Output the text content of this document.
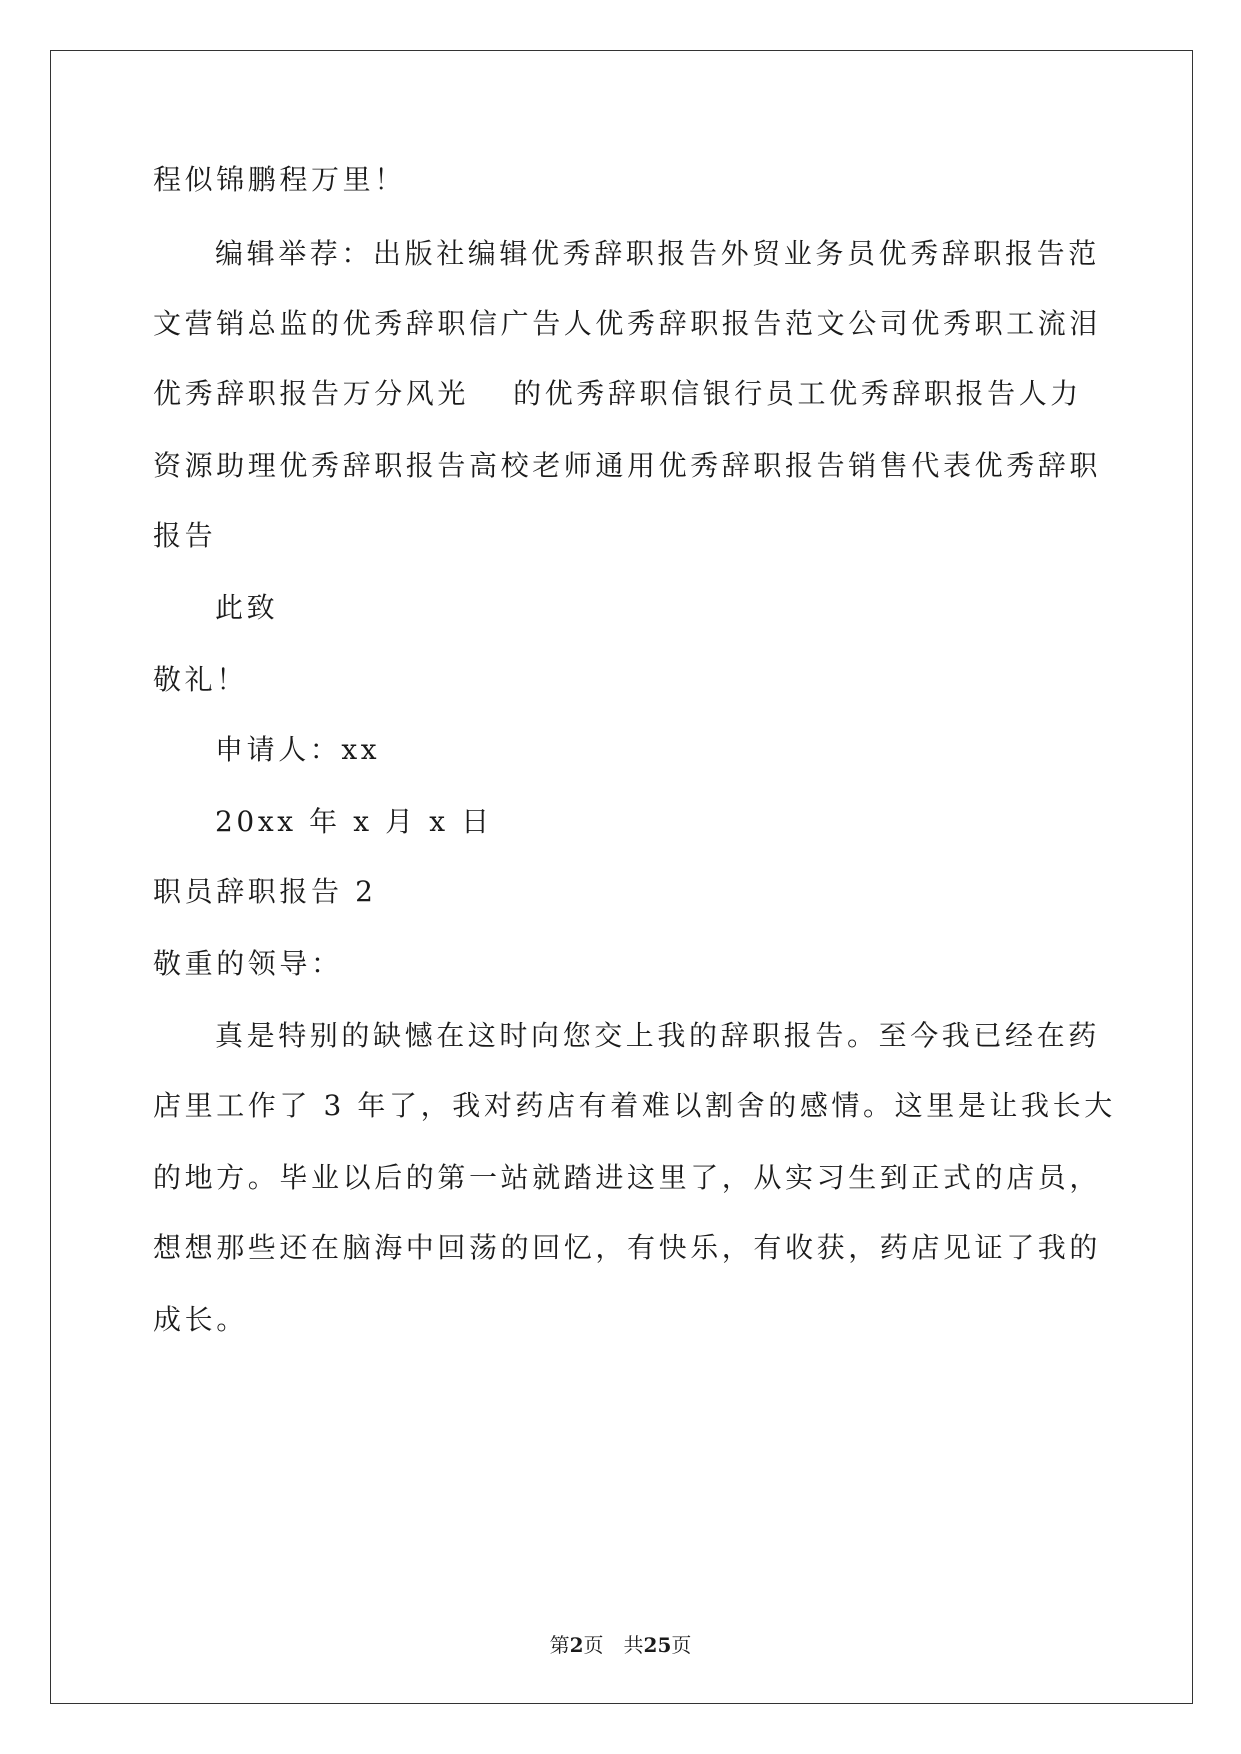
程似锦鹏程万里！
编辑举荐：出版社编辑优秀辞职报告外贸业务员优秀辞职报告范
文营销总监的优秀辞职信广告人优秀辞职报告范文公司优秀职工流泪
优秀辞职报告万分风光　 的优秀辞职信银行员工优秀辞职报告人力
资源助理优秀辞职报告高校老师通用优秀辞职报告销售代表优秀辞职
报告
此致
敬礼！
申请人：xx
20xx 年 x 月 x 日
职员辞职报告 2
敬重的领导：
真是特别的缺憾在这时向您交上我的辞职报告。至今我已经在药
店里工作了 3 年了，我对药店有着难以割舍的感情。这里是让我长大
的地方。毕业以后的第一站就踏进这里了，从实习生到正式的店员，
想想那些还在脑海中回荡的回忆，有快乐，有收获，药店见证了我的
成长。
第2页　共25页
